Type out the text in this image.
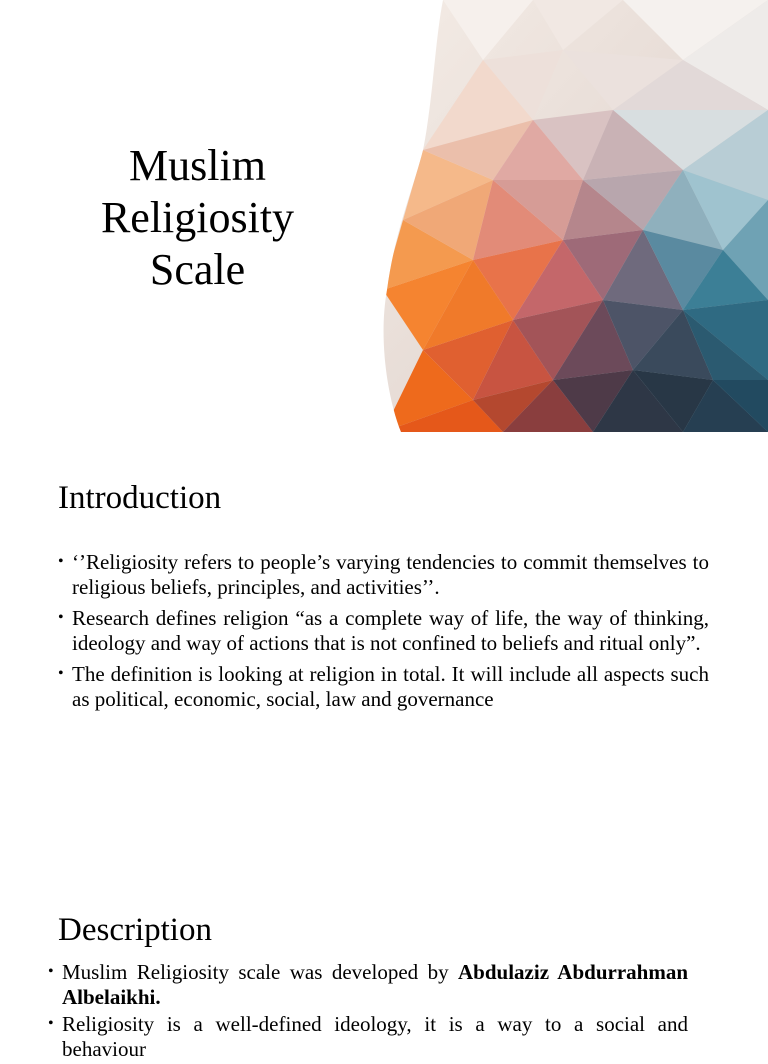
Muslim Religiosity Scale
Introduction
• ‘’Religiosity refers to people’s varying tendencies to commit themselves to religious beliefs, principles, and activities’’.
• Research defines religion “as a complete way of life, the way of thinking, ideology and way of actions that is not confined to beliefs and ritual only”.
• The definition is looking at religion in total. It will include all aspects such as political, economic, social, law and governance
Description
• Muslim Religiosity scale was developed by Abdulaziz Abdurrahman Albelaikhi.
• Religiosity is a well-defined ideology, it is a way to a social and behaviour
